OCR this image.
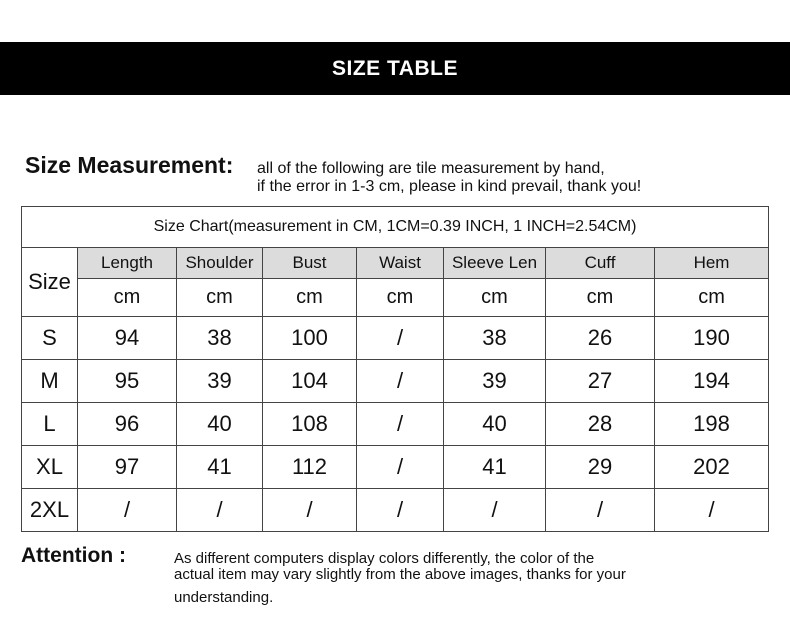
SIZE TABLE
Size Measurement: all of the following are tile measurement by hand,
if the error in 1-3 cm, please in kind prevail, thank you!
Size Chart(measurement in CM, 1CM=0.39 INCH, 1 INCH=2.54CM)							
Size	Length	Shoulder	Bust	Waist	Sleeve Len	Cuff	Hem
	cm	cm	cm	cm	cm	cm	cm
S	94	38	100	/	38	26	190
M	95	39	104	/	39	27	194
L	96	40	108	/	40	28	198
XL	97	41	112	/	41	29	202
2XL	/	/	/	/	/	/	/
Attention :	As different computers display colors differently, the color of the
actual item may vary slightly from the above images, thanks for your
understanding.
